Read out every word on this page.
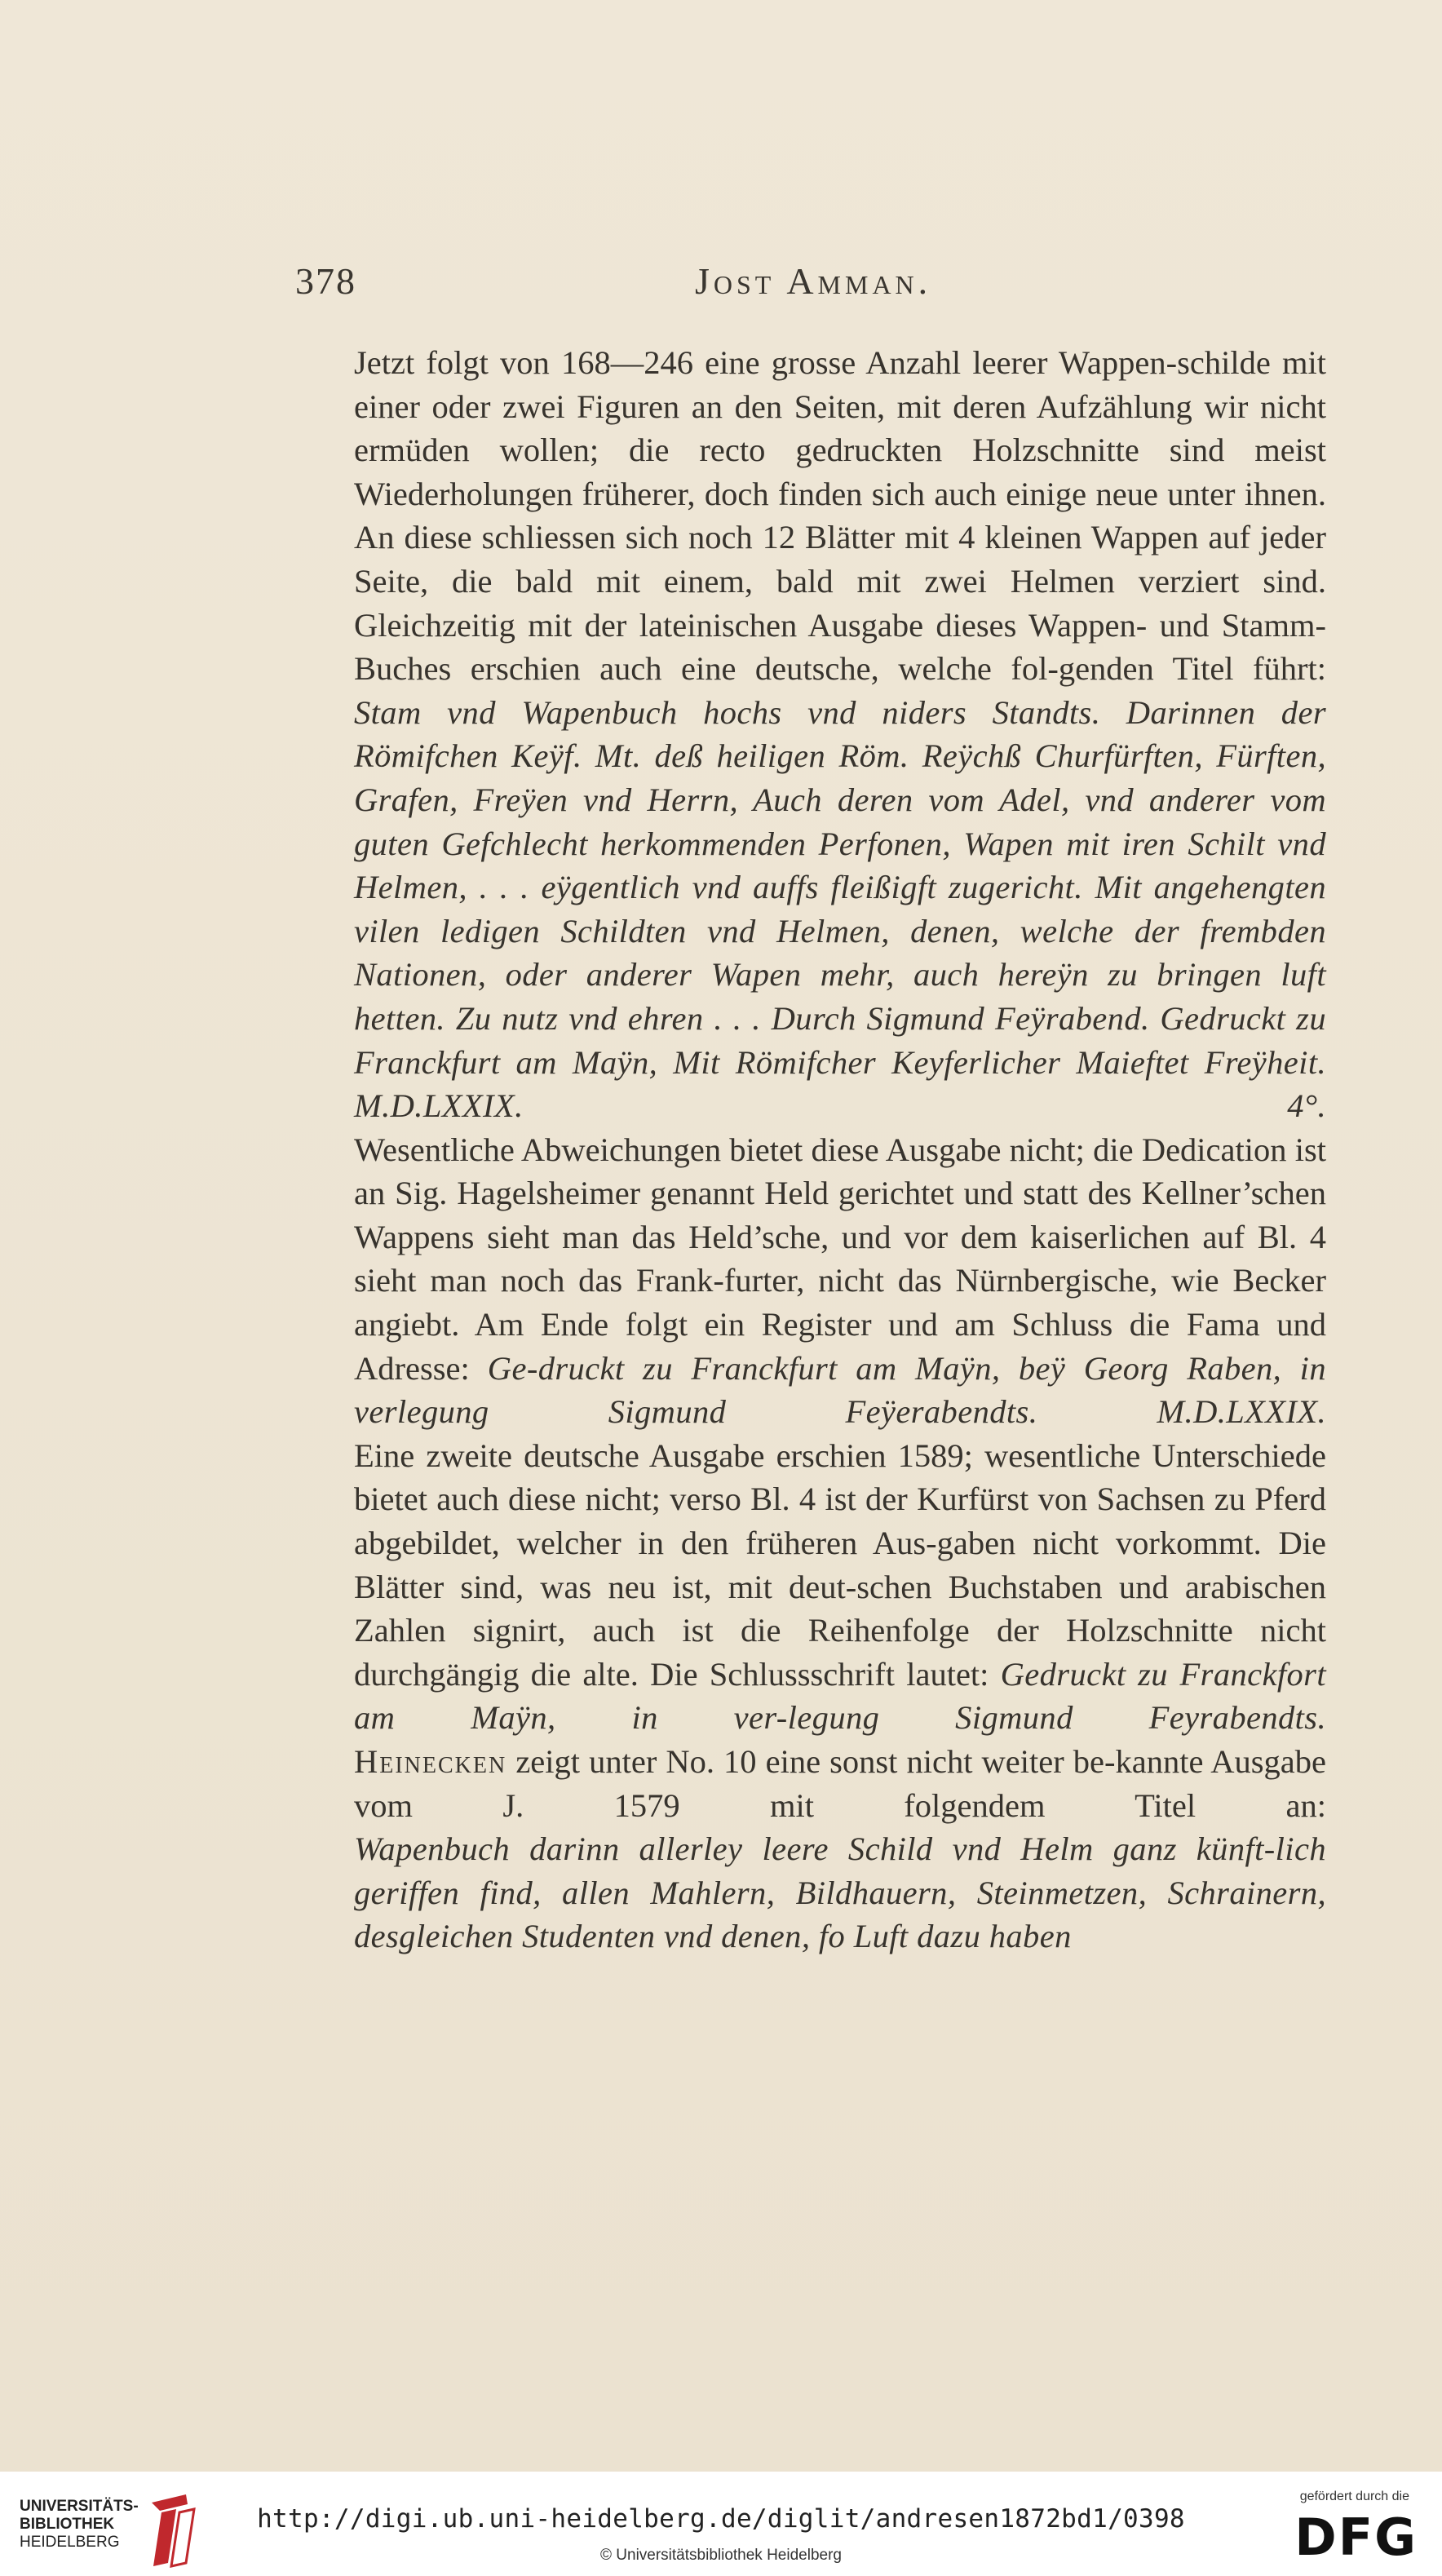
378	Jost Amman.

Jetzt folgt von 168—246 eine grosse Anzahl leerer Wappen-schilde mit einer oder zwei Figuren an den Seiten, mit deren Aufzählung wir nicht ermüden wollen; die recto gedruckten Holzschnitte sind meist Wiederholungen früherer, doch finden sich auch einige neue unter ihnen. An diese schliessen sich noch 12 Blätter mit 4 kleinen Wappen auf jeder Seite, die bald mit einem, bald mit zwei Helmen verziert sind.

Gleichzeitig mit der lateinischen Ausgabe dieses Wappen- und Stamm-Buches erschien auch eine deutsche, welche fol-genden Titel führt:

Stam vnd Wapenbuch hochs vnd niders Standts. Darinnen der Römifchen Keÿf. Mt. deß heiligen Röm. Reÿchß Churfürften, Fürften, Grafen, Freÿen vnd Herrn, Auch deren vom Adel, vnd anderer vom guten Gefchlecht herkommenden Perfonen, Wapen mit iren Schilt vnd Helmen, . . . eÿgentlich vnd auffs fleißigft zugericht. Mit angehengten vilen ledigen Schildten vnd Helmen, denen, welche der frembden Nationen, oder anderer Wapen mehr, auch hereÿn zu bringen luft hetten. Zu nutz vnd ehren . . . Durch Sigmund Feÿrabend. Gedruckt zu Franckfurt am Maÿn, Mit Römifcher Keyferlicher Maieftet Freÿheit. M.D.LXXIX. 4°.

Wesentliche Abweichungen bietet diese Ausgabe nicht; die Dedication ist an Sig. Hagelsheimer genannt Held gerichtet und statt des Kellner’schen Wappens sieht man das Held’sche, und vor dem kaiserlichen auf Bl. 4 sieht man noch das Frank-furter, nicht das Nürnbergische, wie Becker angiebt. Am Ende folgt ein Register und am Schluss die Fama und Adresse: Ge-druckt zu Franckfurt am Maÿn, beÿ Georg Raben, in verlegung Sigmund Feÿerabendts. M.D.LXXIX.

Eine zweite deutsche Ausgabe erschien 1589; wesentliche Unterschiede bietet auch diese nicht; verso Bl. 4 ist der Kurfürst von Sachsen zu Pferd abgebildet, welcher in den früheren Aus-gaben nicht vorkommt. Die Blätter sind, was neu ist, mit deut-schen Buchstaben und arabischen Zahlen signirt, auch ist die Reihenfolge der Holzschnitte nicht durchgängig die alte. Die Schlussschrift lautet: Gedruckt zu Franckfort am Maÿn, in ver-legung Sigmund Feyrabendts.

Heinecken zeigt unter No. 10 eine sonst nicht weiter be-kannte Ausgabe vom J. 1579 mit folgendem Titel an:

Wapenbuch darinn allerley leere Schild vnd Helm ganz künft-lich geriffen find, allen Mahlern, Bildhauern, Steinmetzen, Schrainern, desgleichen Studenten vnd denen, fo Luft dazu haben

UNIVERSITÄTS-
BIBLIOTHEK
HEIDELBERG
http://digi.ub.uni-heidelberg.de/diglit/andresen1872bd1/0398
© Universitätsbibliothek Heidelberg
gefördert durch die
DFG
